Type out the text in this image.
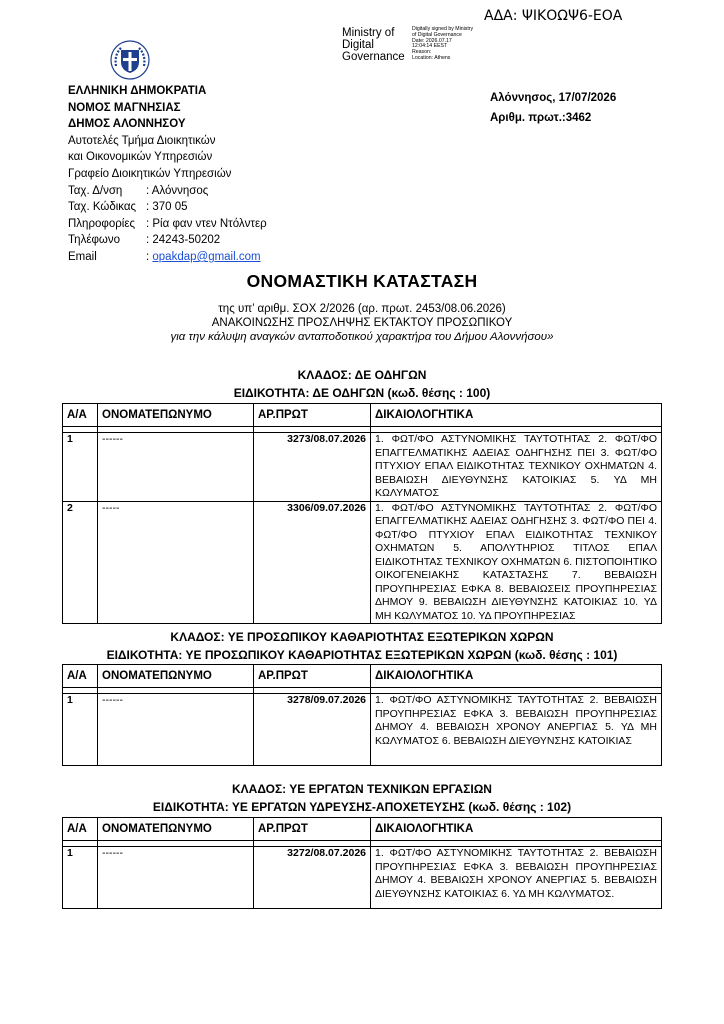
ΑΔΑ: ΨΙΚΟΩΨ6-ΕΟΑ
Ministry of
Digital
Governance
Digitally signed by Ministry
of Digital Governance
Date: 2026.07.17
12:04:14 EEST
Reason:
Location: Athens
ΕΛΛΗΝΙΚΗ ΔΗΜΟΚΡΑΤΙΑ
ΝΟΜΟΣ ΜΑΓΝΗΣΙΑΣ
ΔΗΜΟΣ ΑΛΟΝΝΗΣΟΥ
Αυτοτελές Τμήμα Διοικητικών
και Οικονομικών Υπηρεσιών
Γραφείο Διοικητικών Υπηρεσιών
Ταχ. Δ/νση : Αλόννησος
Ταχ. Κώδικας : 370 05
Πληροφορίες : Ρία φαν ντεν Ντόλντερ
Τηλέφωνο : 24243-50202
Email	: opakdap@gmail.com
Αλόννησος, 17/07/2026
Αριθμ. πρωτ.:3462
ΟΝΟΜΑΣΤΙΚΗ ΚΑΤΑΣΤΑΣΗ
της υπ’ αριθμ. ΣΟΧ 2/2026 (αρ. πρωτ. 2453/08.06.2026)
ΑΝΑΚΟΙΝΩΣΗΣ ΠΡΟΣΛΗΨΗΣ ΕΚΤΑΚΤΟΥ ΠΡΟΣΩΠΙΚΟΥ
για την κάλυψη αναγκών ανταποδοτικού χαρακτήρα του Δήμου Αλοννήσου»
ΚΛΑΔΟΣ: ΔΕ ΟΔΗΓΩΝ
ΕΙΔΙΚΟΤΗΤΑ: ΔΕ ΟΔΗΓΩΝ (κωδ. θέσης : 100)
Α/Α	ΟΝΟΜΑΤΕΠΩΝΥΜΟ	ΑΡ.ΠΡΩΤ	ΔΙΚΑΙΟΛΟΓΗΤΙΚΑ

1	------	3273/08.07.2026	1. ΦΩΤ/ΦΟ ΑΣΤΥΝΟΜΙΚΗΣ ΤΑΥΤΟΤΗΤΑΣ 2. ΦΩΤ/ΦΟ ΕΠΑΓΓΕΛΜΑΤΙΚΗΣ ΑΔΕΙΑΣ ΟΔΗΓΗΣΗΣ ΠΕΙ 3. ΦΩΤ/ΦΟ ΠΤΥΧΙΟΥ ΕΠΑΛ ΕΙΔΙΚΟΤΗΤΑΣ ΤΕΧΝΙΚΟΥ ΟΧΗΜΑΤΩΝ 4. ΒΕΒΑΙΩΣΗ ΔΙΕΥΘΥΝΣΗΣ ΚΑΤΟΙΚΙΑΣ 5. ΥΔ ΜΗ ΚΩΛΥΜΑΤΟΣ
2	-----	3306/09.07.2026	1. ΦΩΤ/ΦΟ ΑΣΤΥΝΟΜΙΚΗΣ ΤΑΥΤΟΤΗΤΑΣ 2. ΦΩΤ/ΦΟ ΕΠΑΓΓΕΛΜΑΤΙΚΗΣ ΑΔΕΙΑΣ ΟΔΗΓΗΣΗΣ 3. ΦΩΤ/ΦΟ ΠΕΙ 4. ΦΩΤ/ΦΟ ΠΤΥΧΙΟΥ ΕΠΑΛ ΕΙΔΙΚΟΤΗΤΑΣ ΤΕΧΝΙΚΟΥ ΟΧΗΜΑΤΩΝ 5. ΑΠΟΛΥΤΗΡΙΟΣ ΤΙΤΛΟΣ ΕΠΑΛ ΕΙΔΙΚΟΤΗΤΑΣ ΤΕΧΝΙΚΟΥ ΟΧΗΜΑΤΩΝ 6. ΠΙΣΤΟΠΟΙΗΤΙΚΟ ΟΙΚΟΓΕΝΕΙΑΚΗΣ ΚΑΤΑΣΤΑΣΗΣ 7. ΒΕΒΑΙΩΣΗ ΠΡΟΥΠΗΡΕΣΙΑΣ ΕΦΚΑ 8. ΒΕΒΑΙΩΣΕΙΣ ΠΡΟΥΠΗΡΕΣΙΑΣ ΔΗΜΟΥ 9. ΒΕΒΑΙΩΣΗ ΔΙΕΥΘΥΝΣΗΣ ΚΑΤΟΙΚΙΑΣ 10. ΥΔ ΜΗ ΚΩΛΥΜΑΤΟΣ 10. ΥΔ ΠΡΟΥΠΗΡΕΣΙΑΣ
ΚΛΑΔΟΣ: ΥΕ ΠΡΟΣΩΠΙΚΟΥ ΚΑΘΑΡΙΟΤΗΤΑΣ ΕΞΩΤΕΡΙΚΩΝ ΧΩΡΩΝ
ΕΙΔΙΚΟΤΗΤΑ: ΥΕ ΠΡΟΣΩΠΙΚΟΥ ΚΑΘΑΡΙΟΤΗΤΑΣ ΕΞΩΤΕΡΙΚΩΝ ΧΩΡΩΝ (κωδ. θέσης : 101)
Α/Α	ΟΝΟΜΑΤΕΠΩΝΥΜΟ	ΑΡ.ΠΡΩΤ	ΔΙΚΑΙΟΛΟΓΗΤΙΚΑ

1	------	3278/09.07.2026	1. ΦΩΤ/ΦΟ ΑΣΤΥΝΟΜΙΚΗΣ ΤΑΥΤΟΤΗΤΑΣ 2. ΒΕΒΑΙΩΣΗ ΠΡΟΥΠΗΡΕΣΙΑΣ ΕΦΚΑ 3. ΒΕΒΑΙΩΣΗ ΠΡΟΥΠΗΡΕΣΙΑΣ ΔΗΜΟΥ 4. ΒΕΒΑΙΩΣΗ ΧΡΟΝΟΥ ΑΝΕΡΓΙΑΣ 5. ΥΔ ΜΗ ΚΩΛΥΜΑΤΟΣ 6. ΒΕΒΑΙΩΣΗ ΔΙΕΥΘΥΝΣΗΣ ΚΑΤΟΙΚΙΑΣ
ΚΛΑΔΟΣ: ΥΕ ΕΡΓΑΤΩΝ ΤΕΧΝΙΚΩΝ ΕΡΓΑΣΙΩΝ
ΕΙΔΙΚΟΤΗΤΑ: ΥΕ ΕΡΓΑΤΩΝ ΥΔΡΕΥΣΗΣ-ΑΠΟΧΕΤΕΥΣΗΣ (κωδ. θέσης : 102)
Α/Α	ΟΝΟΜΑΤΕΠΩΝΥΜΟ	ΑΡ.ΠΡΩΤ	ΔΙΚΑΙΟΛΟΓΗΤΙΚΑ

1	------	3272/08.07.2026	1. ΦΩΤ/ΦΟ ΑΣΤΥΝΟΜΙΚΗΣ ΤΑΥΤΟΤΗΤΑΣ 2. ΒΕΒΑΙΩΣΗ ΠΡΟΥΠΗΡΕΣΙΑΣ ΕΦΚΑ 3. ΒΕΒΑΙΩΣΗ ΠΡΟΥΠΗΡΕΣΙΑΣ ΔΗΜΟΥ 4. ΒΕΒΑΙΩΣΗ ΧΡΟΝΟΥ ΑΝΕΡΓΙΑΣ 5. ΒΕΒΑΙΩΣΗ ΔΙΕΥΘΥΝΣΗΣ ΚΑΤΟΙΚΙΑΣ 6. ΥΔ ΜΗ ΚΩΛΥΜΑΤΟΣ.
